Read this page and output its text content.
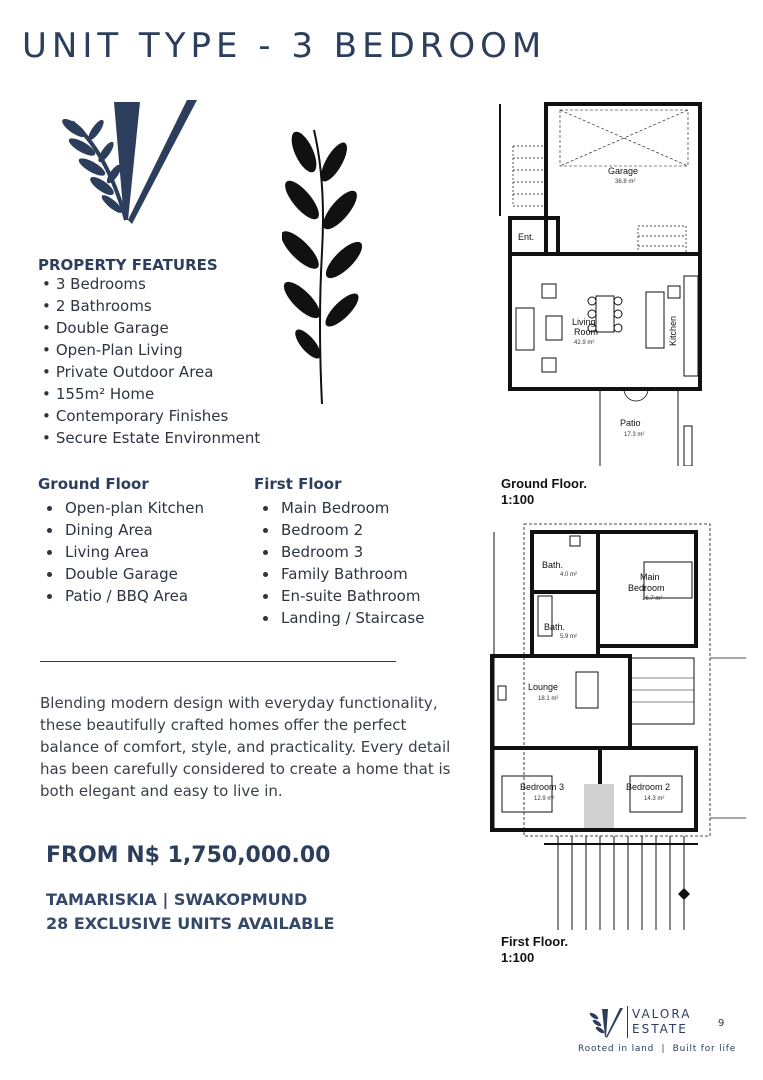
UNIT TYPE - 3 BEDROOM
PROPERTY FEATURES
• 3 Bedrooms
• 2 Bathrooms
• Double Garage
• Open-Plan Living
• Private Outdoor Area
• 155m² Home
• Contemporary Finishes
• Secure Estate Environment
Ground Floor
Open-plan Kitchen
Dining Area
Living Area
Double Garage
Patio / BBQ Area
First Floor
Main Bedroom
Bedroom 2
Bedroom 3
Family Bathroom
En-suite Bathroom
Landing / Staircase
Blending modern design with everyday functionality, these beautifully crafted homes offer the perfect balance of comfort, style, and practicality. Every detail has been carefully considered to create a home that is both elegant and easy to live in.
FROM N$ 1,750,000.00
TAMARISKIA | SWAKOPMUND
28 EXCLUSIVE UNITS AVAILABLE
Garage
36.8 m²
Ent.
Living
Room
42.9 m²	Kitchen
Patio
17.3 m²
Ground Floor.
1:100
Bath.
4.0 m²
Bath.
5.9 m²
Main
Bedroom
16.7 m²
Lounge
18.1 m²
Bedroom 3
12.9 m²
Bedroom 2
14.3 m²
First Floor.
1:100
VALORA
ESTATE	9
Rooted in land  |  Built for life
